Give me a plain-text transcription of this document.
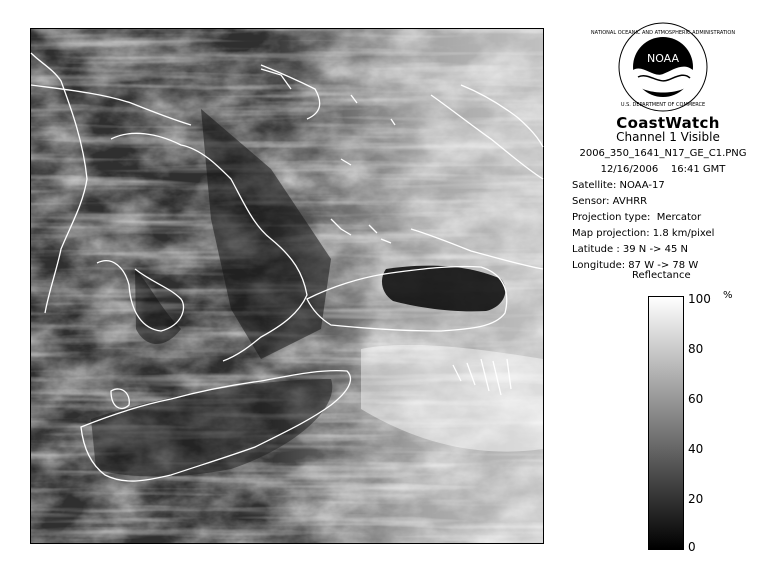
NOAA
NATIONAL OCEANIC AND ATMOSPHERIC ADMINISTRATION
U.S. DEPARTMENT OF COMMERCE
CoastWatch
Channel 1 Visible
2006_350_1641_N17_GE_C1.PNG
12/16/2006    16:41 GMT
Satellite: NOAA-17
Sensor: AVHRR
Projection type:  Mercator
Map projection: 1.8 km/pixel
Latitude : 39 N -> 45 N
Longitude: 87 W -> 78 W
Reflectance
%
100
80
60
40
20
0
